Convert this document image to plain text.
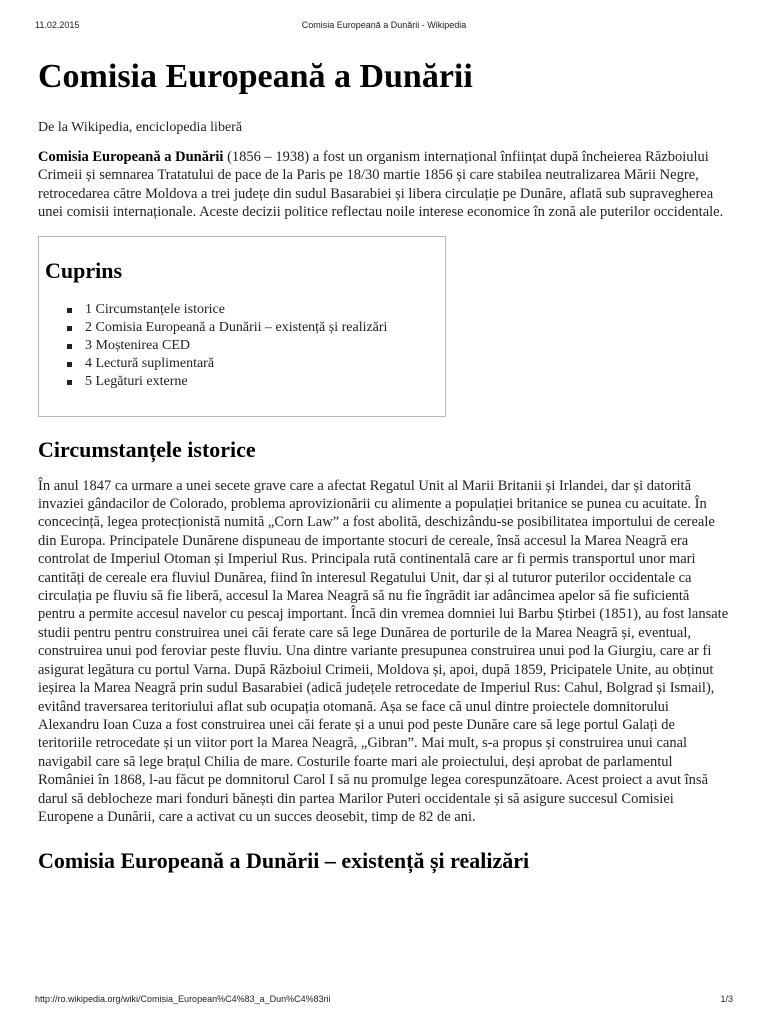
11.02.2015	Comisia Europeană a Dunării - Wikipedia
Comisia Europeană a Dunării
De la Wikipedia, enciclopedia liberă

Comisia Europeană a Dunării (1856 – 1938) a fost un organism internațional înființat după încheierea Războiului Crimeii și semnarea Tratatului de pace de la Paris pe 18/30 martie 1856 și care stabilea neutralizarea Mării Negre, retrocedarea către Moldova a trei județe din sudul Basarabiei și libera circulație pe Dunăre, aflată sub supravegherea unei comisii internaționale. Aceste decizii politice reflectau noile interese economice în zonă ale puterilor occidentale.

Cuprins
1 Circumstanțele istorice
2 Comisia Europeană a Dunării – existență și realizări
3 Moștenirea CED
4 Lectură suplimentară
5 Legături externe
Circumstanțele istorice

În anul 1847 ca urmare a unei secete grave care a afectat Regatul Unit al Marii Britanii și Irlandei, dar și datorită invaziei gândacilor de Colorado, problema aprovizionării cu alimente a populației britanice se punea cu acuitate. În concecință, legea protecționistă numită „Corn Law” a fost abolită, deschizându-se posibilitatea importului de cereale din Europa. Principatele Dunărene dispuneau de importante stocuri de cereale, însă accesul la Marea Neagră era controlat de Imperiul Otoman și Imperiul Rus. Principala rută continentală care ar fi permis transportul unor mari cantități de cereale era fluviul Dunărea, fiind în interesul Regatului Unit, dar și al tuturor puterilor occidentale ca circulația pe fluviu să fie liberă, accesul la Marea Neagră să nu fie îngrădit iar adâncimea apelor să fie suficientă pentru a permite accesul navelor cu pescaj important. Încă din vremea domniei lui Barbu Știrbei (1851), au fost lansate studii pentru pentru construirea unei căi ferate care să lege Dunărea de porturile de la Marea Neagră și, eventual, construirea unui pod feroviar peste fluviu. Una dintre variante presupunea construirea unui pod la Giurgiu, care ar fi asigurat legătura cu portul Varna. După Războiul Crimeii, Moldova și, apoi, după 1859, Pricipatele Unite, au obținut ieșirea la Marea Neagră prin sudul Basarabiei (adică județele retrocedate de Imperiul Rus: Cahul, Bolgrad și Ismail), evitând traversarea teritoriului aflat sub ocupația otomană. Așa se face că unul dintre proiectele domnitorului Alexandru Ioan Cuza a fost construirea unei căi ferate și a unui pod peste Dunăre care să lege portul Galați de teritoriile retrocedate și un viitor port la Marea Neagră, „Gibran”. Mai mult, s-a propus și construirea unui canal navigabil care să lege brațul Chilia de mare. Costurile foarte mari ale proiectului, deși aprobat de parlamentul României în 1868, l-au făcut pe domnitorul Carol I să nu promulge legea corespunzătoare. Acest proiect a avut însă darul să deblocheze mari fonduri bănești din partea Marilor Puteri occidentale și să asigure succesul Comisiei Europene a Dunării, care a activat cu un succes deosebit, timp de 82 de ani.

Comisia Europeană a Dunării – existență și realizări
http://ro.wikipedia.org/wiki/Comisia_European%C4%83_a_Dun%C4%83rii	1/3
